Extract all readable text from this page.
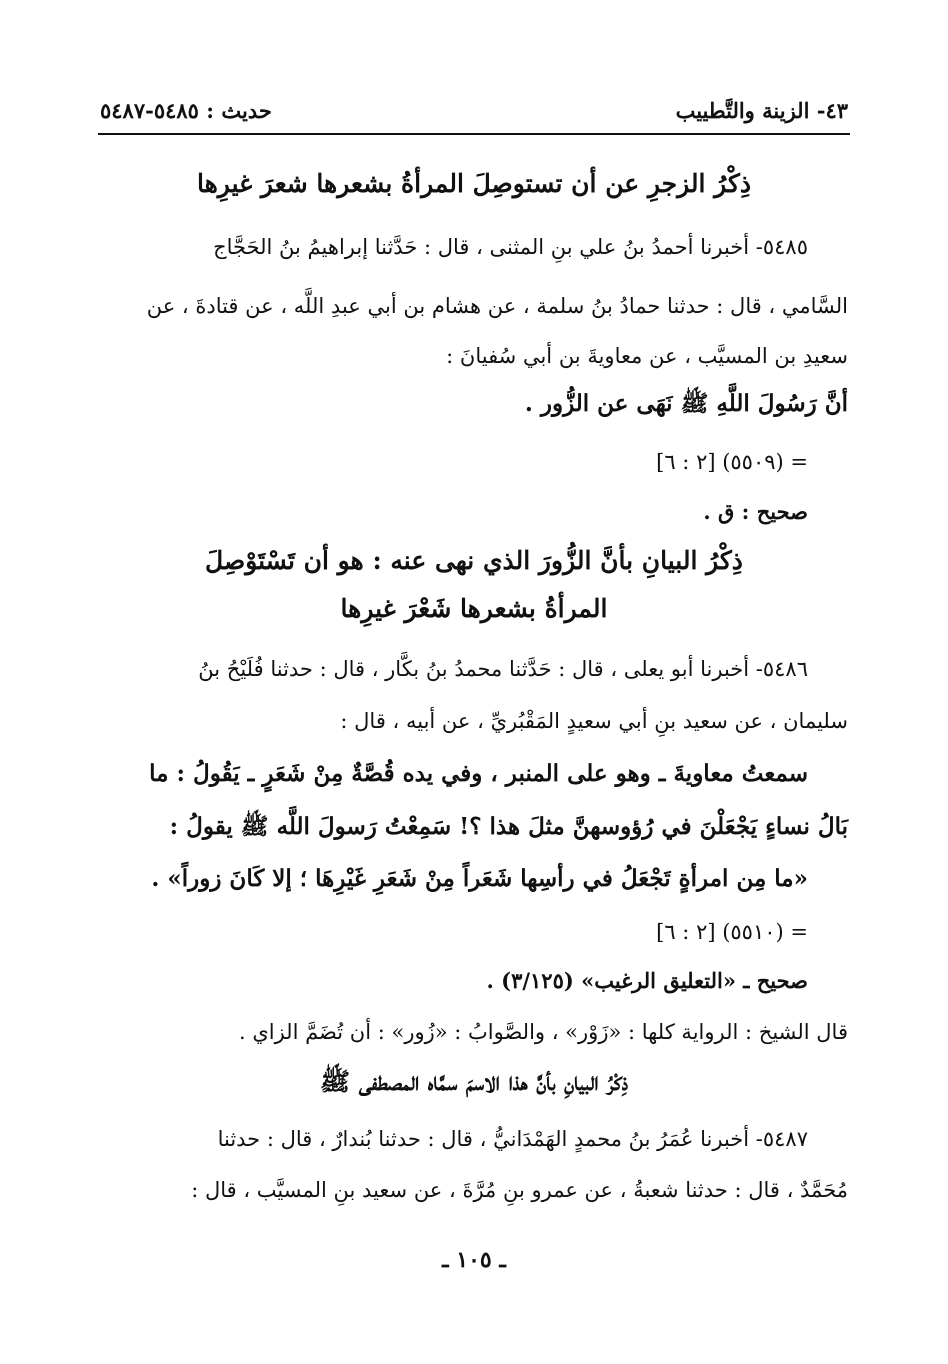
٤٣- الزينة والتَّطييب
حديث : ٥٤٨٥-٥٤٨٧
ذِكْرُ الزجرِ عن أن تستوصِلَ المرأةُ بشعرها شعرَ غيرِها
٥٤٨٥- أخبرنا أحمدُ بنُ علي بنِ المثنى ، قال : حَدَّثنا إبراهيمُ بنُ الحَجَّاج
السَّامي ، قال : حدثنا حمادُ بنُ سلمة ، عن هشام بن أبي عبدِ اللَّه ، عن قتادةَ ، عن
سعيدِ بن المسيَّب ، عن معاويةَ بن أبي سُفيانَ :
أنَّ رَسُولَ اللَّهِ ﷺ نَهَى عن الزُّور .
= (٥٥٠٩) [٢ : ٦]
صحيح : ق .
ذِكْرُ البيانِ بأنَّ الزُّورَ الذي نهى عنه : هو أن تَسْتَوْصِلَ
المرأةُ بشعرها شَعْرَ غيرِها
٥٤٨٦- أخبرنا أبو يعلى ، قال : حَدَّثنا محمدُ بنُ بكَّار ، قال : حدثنا فُلَيْحُ بنُ
سليمان ، عن سعيد بنِ أبي سعيدٍ المَقْبُريِّ ، عن أبيه ، قال :
سمعتُ معاويةَ ـ وهو على المنبر ، وفي يده قُصَّةٌ مِنْ شَعَرٍ ـ يَقُولُ : ما
بَالُ نساءٍ يَجْعَلْنَ في رُؤوسهنَّ مثلَ هذا ؟! سَمِعْتُ رَسولَ اللَّه ﷺ يقولُ :
«ما مِن امرأةٍ تَجْعَلُ في رأسِها شَعَراً مِنْ شَعَرِ غَيْرِهَا ؛ إلا كَانَ زوراً» .
= (٥٥١٠) [٢ : ٦]
صحيح ـ «التعليق الرغيب» (٣/١٢٥) .
قال الشيخ : الرواية كلها : «زَوْر» ، والصَّوابُ : «زُور» : أن تُضَمَّ الزاي .
ذِكْرُ البيانِ بأنَّ هذا الاسمَ سمَّاه المصطفى ﷺ
٥٤٨٧- أخبرنا عُمَرُ بنُ محمدٍ الهَمْدَانيُّ ، قال : حدثنا بُندارٌ ، قال : حدثنا
مُحَمَّدٌ ، قال : حدثنا شعبةُ ، عن عمرو بنِ مُرَّةَ ، عن سعيد بنِ المسيَّب ، قال :
ـ ١٠٥ ـ
